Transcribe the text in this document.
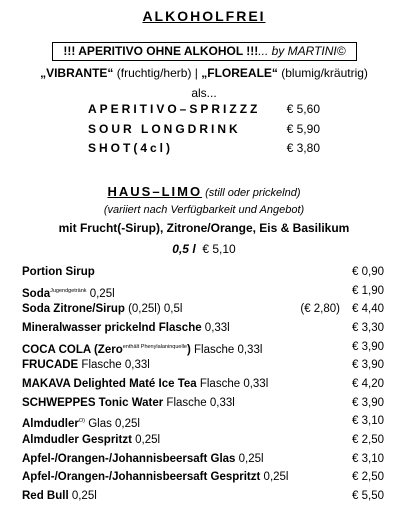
ALKOHOLFREI
!!! APERITIVO OHNE ALKOHOL !!!... by MARTINI©
„VIBRANTE“ (fruchtig/herb) | „FLOREALE“ (blumig/kräutrig)
als...
APERITIVO–SPRIZZZ € 5,60
SOUR LONGDRINK	€ 5,90
SHOT(4cl)	€ 3,80
HAUS–LIMO (still oder prickelnd)
(variiert nach Verfügbarkeit und Angebot)
mit Frucht(-Sirup), Zitrone/Orange, Eis & Basilikum
0,5 l € 5,10
Portion Sirup	€ 0,90
Soda$^{Jugendgetränk}$ 0,25l	€ 1,90
Soda Zitrone/Sirup (0,25l) 0,5l	(€ 2,80) € 4,40
Mineralwasser prickelnd Flasche 0,33l	€ 3,30
COCA COLA (Zero$^{enthält Phenylalaninquelle}$) Flasche 0,33l	€ 3,90
FRUCADE Flasche 0,33l	€ 3,90
MAKAVA Delighted Maté Ice Tea Flasche 0,33l	€ 4,20
SCHWEPPES Tonic Water Flasche 0,33l	€ 3,90
Almdudler$^{O)}$ Glas 0,25l	€ 3,10
Almdudler Gespritzt 0,25l	€ 2,50
Apfel-/Orangen-/Johannisbeersaft Glas 0,25l	€ 3,10
Apfel-/Orangen-/Johannisbeersaft Gespritzt 0,25l	€ 2,50
Red Bull 0,25l	€ 5,50
